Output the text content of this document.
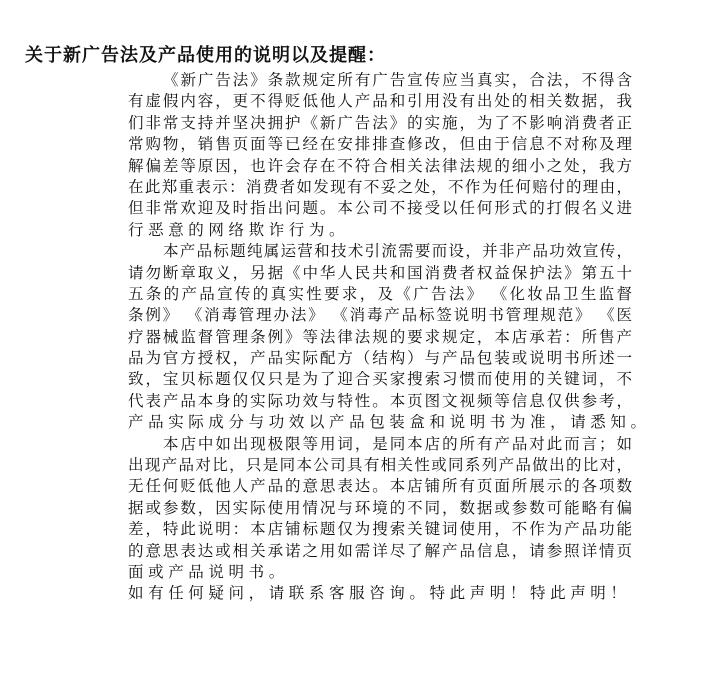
关于新广告法及产品使用的说明以及提醒：
《新广告法》条款规定所有广告宣传应当真实，合法，不得含
有虚假内容，更不得贬低他人产品和引用没有出处的相关数据，我
们非常支持并坚决拥护《新广告法》的实施，为了不影响消费者正
常购物，销售页面等已经在安排排查修改，但由于信息不对称及理
解偏差等原因，也许会存在不符合相关法律法规的细小之处，我方
在此郑重表示：消费者如发现有不妥之处，不作为任何赔付的理由，
但非常欢迎及时指出问题。本公司不接受以任何形式的打假名义进
行恶意的网络欺诈行为。
本产品标题纯属运营和技术引流需要而设，并非产品功效宣传，
请勿断章取义，另据《中华人民共和国消费者权益保护法》第五十
五条的产品宣传的真实性要求，及《广告法》 《化妆品卫生监督
条例》 《消毒管理办法》 《消毒产品标签说明书管理规范》 《医
疗器械监督管理条例》等法律法规的要求规定，本店承若：所售产
品为官方授权，产品实际配方（结构）与产品包装或说明书所述一
致，宝贝标题仅仅只是为了迎合买家搜索习惯而使用的关键词，不
代表产品本身的实际功效与特性。本页图文视频等信息仅供参考，
产品实际成分与功效以产品包装盒和说明书为准，请悉知。
本店中如出现极限等用词，是同本店的所有产品对此而言；如
出现产品对比，只是同本公司具有相关性或同系列产品做出的比对，
无任何贬低他人产品的意思表达。本店铺所有页面所展示的各项数
据或参数，因实际使用情况与环境的不同，数据或参数可能略有偏
差，特此说明：本店铺标题仅为搜索关键词使用，不作为产品功能
的意思表达或相关承诺之用如需详尽了解产品信息，请参照详情页
面或产品说明书。
如有任何疑问，请联系客服咨询。特此声明！特此声明！
